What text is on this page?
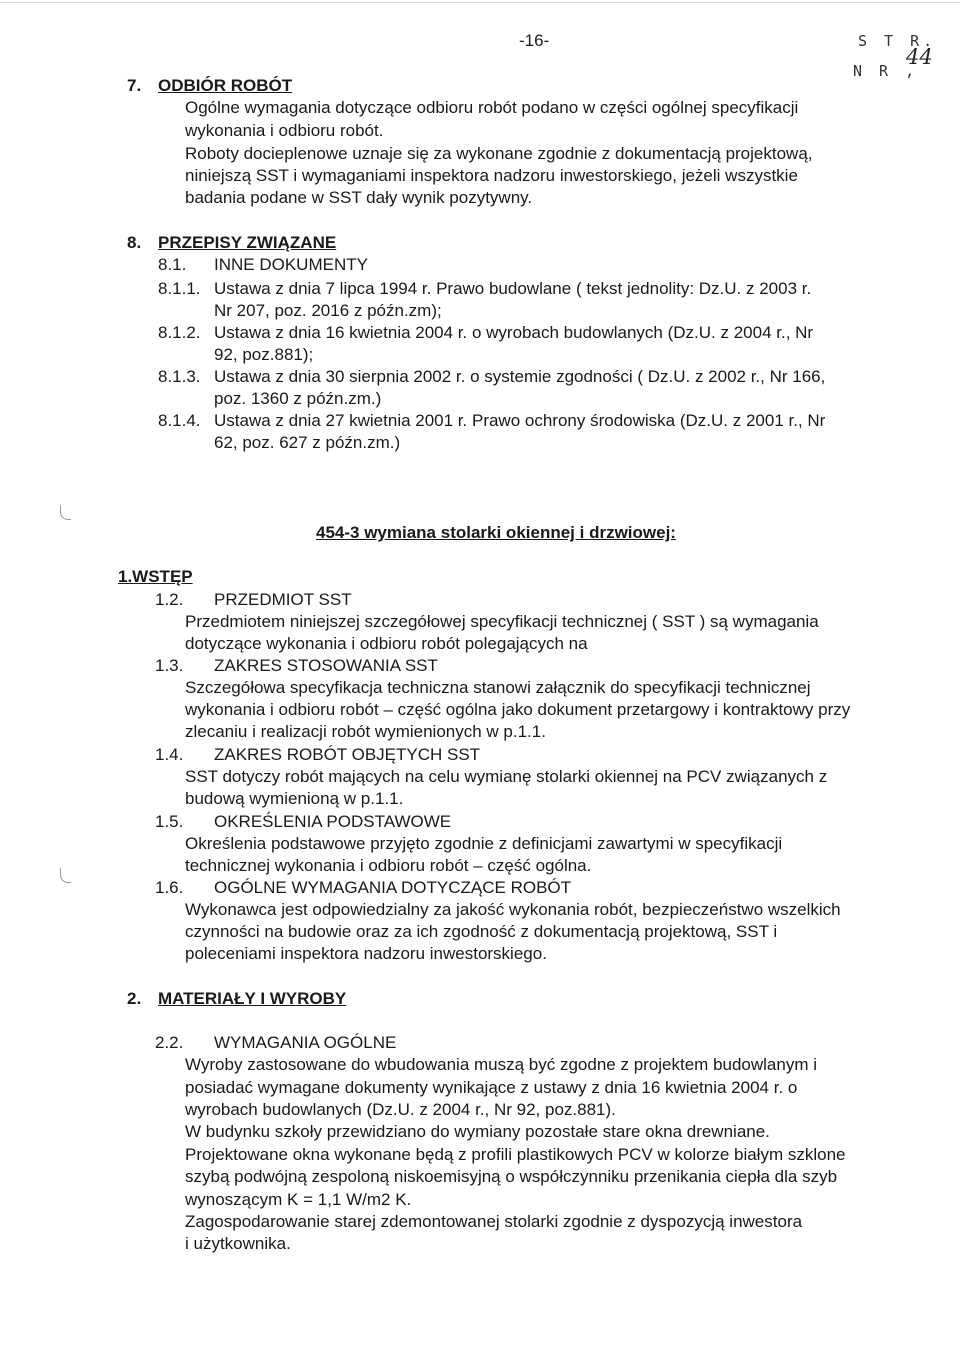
-16-	S T R.
N R ,
44
7. ODBIÓR ROBÓT
Ogólne wymagania dotyczące odbioru robót podano w części ogólnej specyfikacji
wykonania i odbioru robót.
Roboty docieplenowe uznaje się za wykonane zgodnie z dokumentacją projektową,
niniejszą SST i wymaganiami inspektora nadzoru inwestorskiego, jeżeli wszystkie
badania podane w SST dały wynik pozytywny.
8. PRZEPISY ZWIĄZANE
8.1. INNE DOKUMENTY
8.1.1. Ustawa z dnia 7 lipca 1994 r. Prawo budowlane ( tekst jednolity: Dz.U. z 2003 r.
Nr 207, poz. 2016 z późn.zm);
8.1.2. Ustawa z dnia 16 kwietnia 2004 r. o wyrobach budowlanych (Dz.U. z 2004 r., Nr
92, poz.881);
8.1.3. Ustawa z dnia 30 sierpnia 2002 r. o systemie zgodności ( Dz.U. z 2002 r., Nr 166,
poz. 1360 z późn.zm.)
8.1.4. Ustawa z dnia 27 kwietnia 2001 r. Prawo ochrony środowiska (Dz.U. z 2001 r., Nr
62, poz. 627 z późn.zm.)
454-3 wymiana stolarki okiennej i drzwiowej:
1.WSTĘP
1.2. PRZEDMIOT SST
Przedmiotem niniejszej szczegółowej specyfikacji technicznej ( SST ) są wymagania
dotyczące wykonania i odbioru robót polegających na
1.3. ZAKRES STOSOWANIA SST
Szczegółowa specyfikacja techniczna stanowi załącznik do specyfikacji technicznej
wykonania i odbioru robót – część ogólna jako dokument przetargowy i kontraktowy przy
zlecaniu i realizacji robót wymienionych w p.1.1.
1.4. ZAKRES ROBÓT OBJĘTYCH SST
SST dotyczy robót mających na celu wymianę stolarki okiennej na PCV związanych z
budową wymienioną w p.1.1.
1.5. OKREŚLENIA PODSTAWOWE
Określenia podstawowe przyjęto zgodnie z definicjami zawartymi w specyfikacji
technicznej wykonania i odbioru robót – część ogólna.
1.6. OGÓLNE WYMAGANIA DOTYCZĄCE ROBÓT
Wykonawca jest odpowiedzialny za jakość wykonania robót, bezpieczeństwo wszelkich
czynności na budowie oraz za ich zgodność z dokumentacją projektową, SST i
poleceniami inspektora nadzoru inwestorskiego.
2. MATERIAŁY I WYROBY
2.2. WYMAGANIA OGÓLNE
Wyroby zastosowane do wbudowania muszą być zgodne z projektem budowlanym i
posiadać wymagane dokumenty wynikające z ustawy z dnia 16 kwietnia 2004 r. o
wyrobach budowlanych (Dz.U. z 2004 r., Nr 92, poz.881).
W budynku szkoły przewidziano do wymiany pozostałe stare okna drewniane.
Projektowane okna wykonane będą z profili plastikowych PCV w kolorze białym szklone
szybą podwójną zespoloną niskoemisyjną o współczynniku przenikania ciepła dla szyb
wynoszącym K = 1,1 W/m2 K.
Zagospodarowanie starej zdemontowanej stolarki zgodnie z dyspozycją inwestora
i użytkownika.
